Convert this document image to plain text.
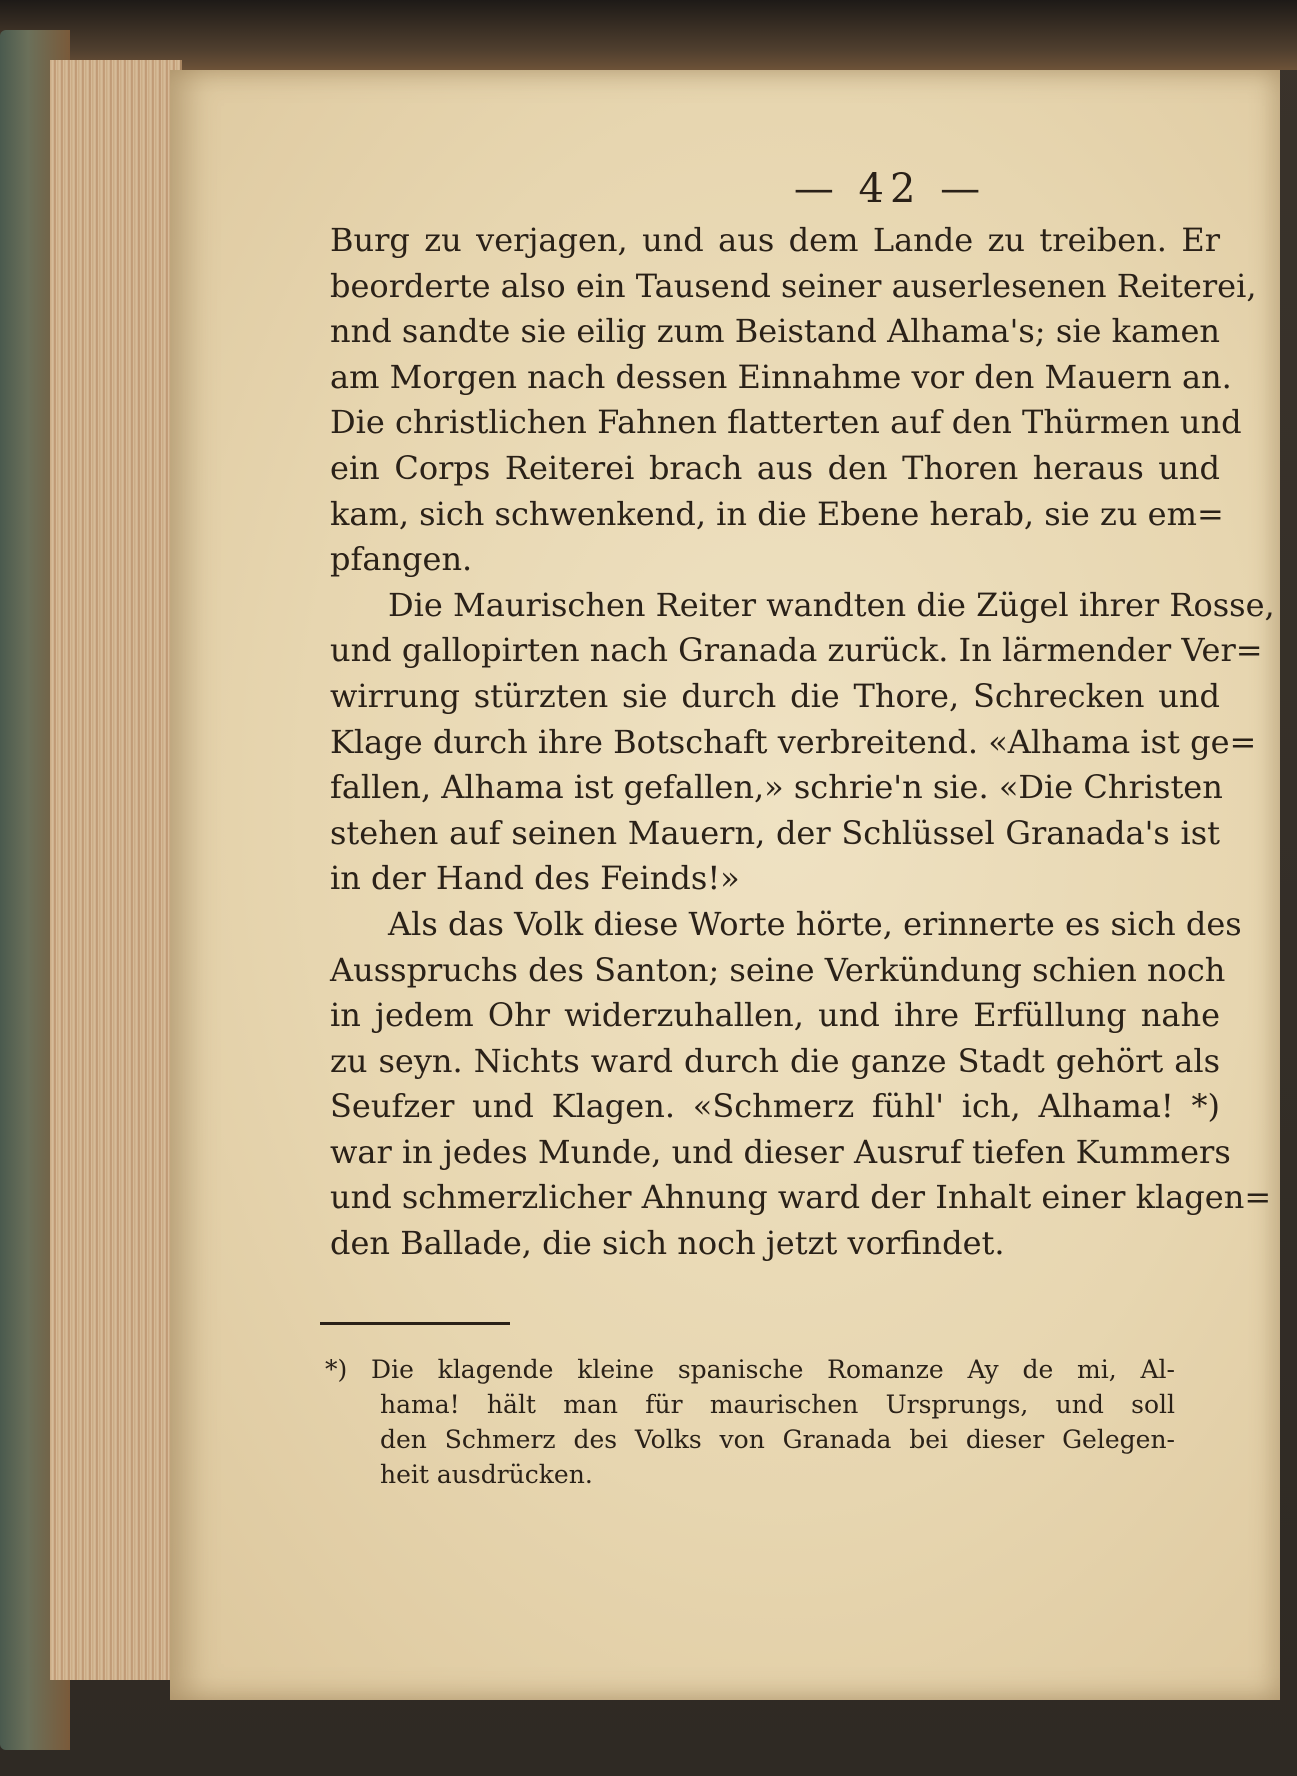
— 42 —

Burg zu verjagen, und aus dem Lande zu treiben. Er
beorderte also ein Tausend seiner auserlesenen Reiterei,
nnd sandte sie eilig zum Beistand Alhama's; sie kamen
am Morgen nach dessen Einnahme vor den Mauern an.
Die christlichen Fahnen flatterten auf den Thürmen und
ein Corps Reiterei brach aus den Thoren heraus und
kam, sich schwenkend, in die Ebene herab, sie zu em=
pfangen.

Die Maurischen Reiter wandten die Zügel ihrer Rosse,
und gallopirten nach Granada zurück. In lärmender Ver=
wirrung stürzten sie durch die Thore, Schrecken und
Klage durch ihre Botschaft verbreitend. «Alhama ist ge=
fallen, Alhama ist gefallen,» schrie'n sie. «Die Christen
stehen auf seinen Mauern, der Schlüssel Granada's ist
in der Hand des Feinds!»

Als das Volk diese Worte hörte, erinnerte es sich des
Ausspruchs des Santon; seine Verkündung schien noch
in jedem Ohr widerzuhallen, und ihre Erfüllung nahe
zu seyn. Nichts ward durch die ganze Stadt gehört als
Seufzer und Klagen. «Schmerz fühl' ich, Alhama! *)
war in jedes Munde, und dieser Ausruf tiefen Kummers
und schmerzlicher Ahnung ward der Inhalt einer klagen=
den Ballade, die sich noch jetzt vorfindet.

*) Die klagende kleine spanische Romanze Ay de mi, Al-
hama! hält man für maurischen Ursprungs, und soll
den Schmerz des Volks von Granada bei dieser Gelegen-
heit ausdrücken.
